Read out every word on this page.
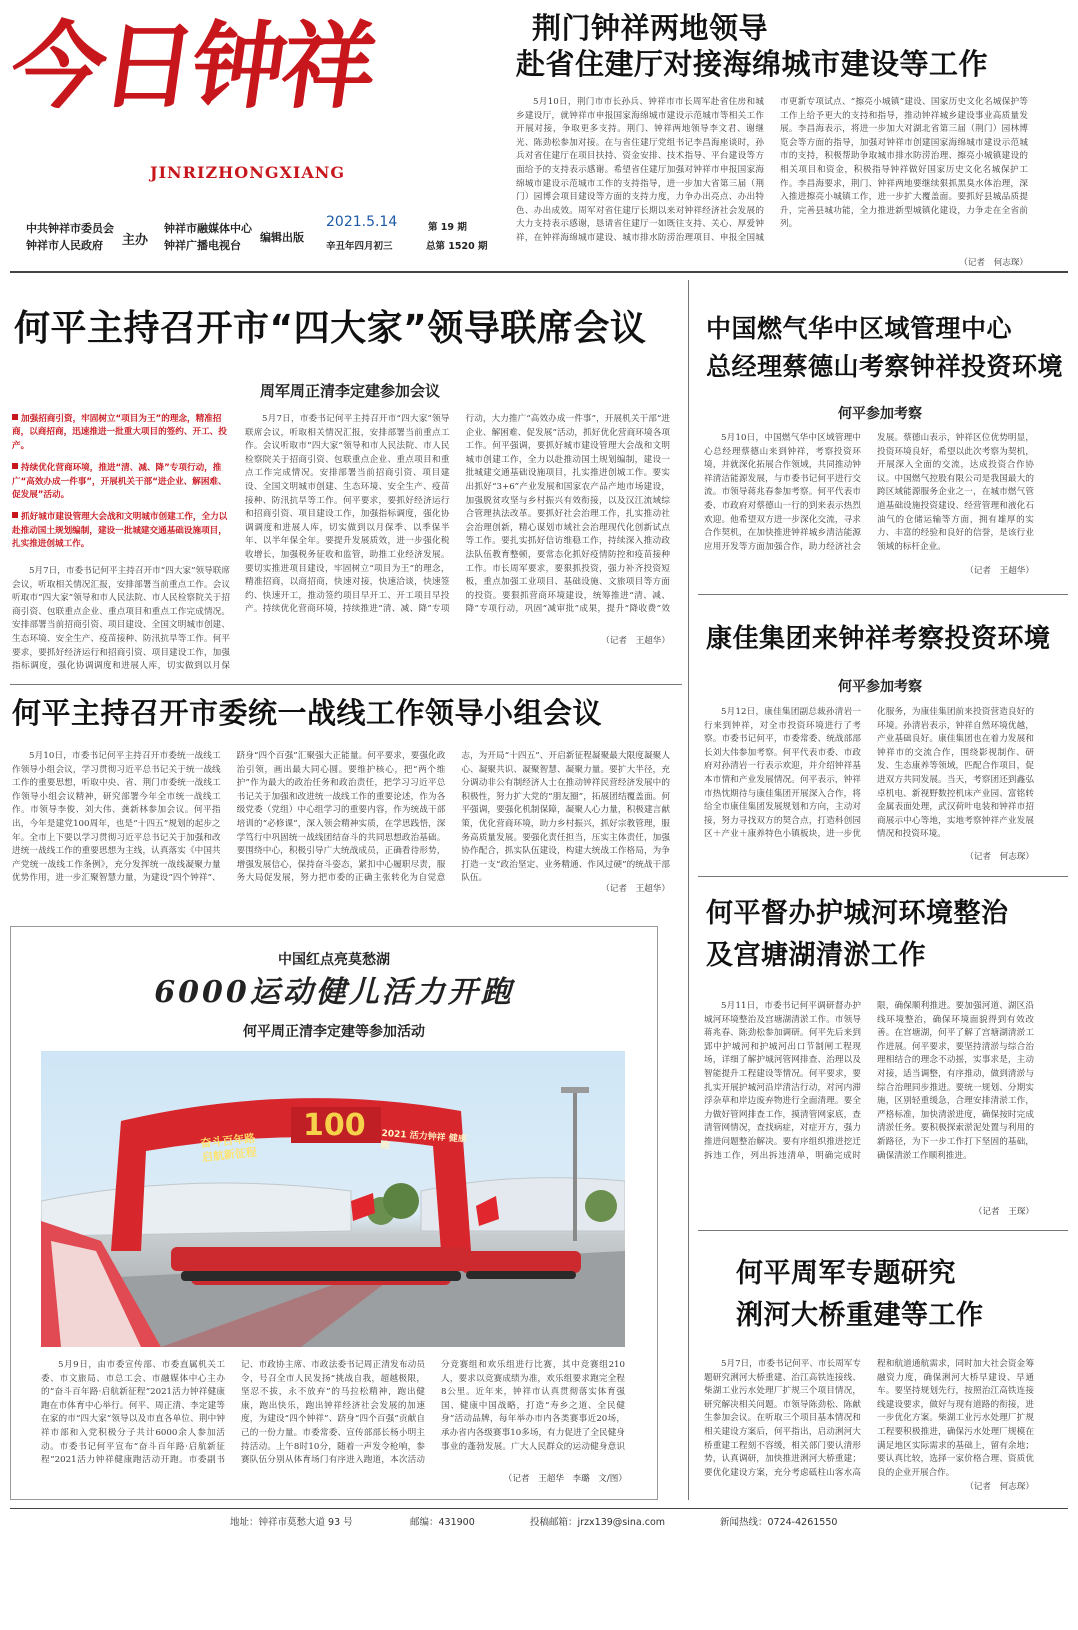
今日钟祥
JINRIZHONGXIANG
中共钟祥市委员会
钟祥市人民政府	主办
钟祥市融媒体中心
钟祥广播电视台
编辑出版
2021.5.14
辛丑年四月初三
第 19 期
总第 1520 期
荆门钟祥两地领导
赴省住建厅对接海绵城市建设等工作
5月10日，荆门市市长孙兵、钟祥市市长周军赴省住房和城乡建设厅，就钟祥市申报国家海绵城市建设示范城市等相关工作开展对接，争取更多支持。荆门、钟祥两地领导李文君、谢继光、陈劲松参加对接。在与省住建厅党组书记李昌海座谈时，孙兵对省住建厅在项目扶持、资金安排、技术指导、平台建设等方面给予的支持表示感谢。希望省住建厅加强对钟祥市申报国家海绵城市建设示范城市工作的支持指导，进一步加大省第三届（荆门）园博会项目建设等方面的支持力度，力争办出亮点、办出特色、办出成效。周军对省住建厅长期以来对钟祥经济社会发展的大力支持表示感谢，恳请省住建厅一如既往支持、关心、厚爱钟祥，在钟祥海绵城市建设、城市排水防涝治理项目、申报全国城市更新专项试点、“擦亮小城镇”建设、国家历史文化名城保护等工作上给予更大的支持和指导，推动钟祥城乡建设事业高质量发展。李昌海表示，将进一步加大对湖北省第三届（荆门）园林博览会等方面的指导，加强对钟祥市创建国家海绵城市建设示范城市的支持，积极帮助争取城市排水防涝治理、擦亮小城镇建设的相关项目和资金，积极指导钟祥做好国家历史文化名城保护工作。李昌海要求，荆门、钟祥两地要继续狠抓黑臭水体治理，深入推进擦亮小城镇工作，进一步扩大覆盖面。要抓好县城品质提升，完善县城功能，全力推进新型城镇化建设，力争走在全省前列。
（记者　何志琛）
何平主持召开市“四大家”领导联席会议
周军周正清李定建参加会议
加强招商引资，牢固树立“项目为王”的理念，精准招商，以商招商，迅速推进一批重大项目的签约、开工、投产。
持续优化营商环境，推进“清、减、降”专项行动，推广“高效办成一件事”，开展机关干部“进企业、解困难、促发展”活动。
抓好城市建设管理大会战和文明城市创建工作，全力以赴推动国土规划编制，建设一批城建交通基础设施项目，扎实推进创城工作。
5月7日，市委书记何平主持召开市“四大家”领导联席会议，听取相关情况汇报，安排部署当前重点工作。会议听取市“四大家”领导和市人民法院、市人民检察院关于招商引资、包联重点企业、重点项目和重点工作完成情况。安排部署当前招商引资、项目建设、全国文明城市创建、生态环境、安全生产、疫苗接种、防汛抗旱等工作。何平要求，要抓好经济运行和招商引资、项目建设工作，加强指标调度，强化协调调度和进展人库，切实做到以月保
5月7日，市委书记何平主持召开市“四大家”领导联席会议，听取相关情况汇报，安排部署当前重点工作。会议听取市“四大家”领导和市人民法院、市人民检察院关于招商引资、包联重点企业、重点项目和重点工作完成情况。安排部署当前招商引资、项目建设、全国文明城市创建、生态环境、安全生产、疫苗接种、防汛抗旱等工作。何平要求，要抓好经济运行和招商引资、项目建设工作，加强指标调度，强化协调调度和进展人库，切实做到以月保季、以季保半年、以半年保全年。要提升发展质效，进一步强化税收增长，加强税务征收和监管，助推工业经济发展。要切实推进项目建设，牢固树立“项目为王”的理念，精准招商，以商招商，快速对接，快速洽谈，快速签约、快速开工，推动签约项目早开工、开工项目早投产。持续优化营商环境，持续推进“清、减、降”专项行动，大力推广“高效办成一件事”，开展机关干部“进企业、解困难、促发展”活动，抓好优化营商环境各项工作。何平强调，要抓好城市建设管理大会战和文明城市创建工作，全力以赴推动国土规划编制，建设一批城建交通基础设施项目，扎实推进创城工作。要实出抓好“3+6”产业发展和国家农产品产地市场建设，加强脱贫攻坚与乡村振兴有效衔接，以及汉江流域综合管理执法改革。要抓好社会治理工作，扎实推动社会治理创新，精心谋划市域社会治理现代化创新试点等工作。要扎实抓好信访维稳工作，持续深入推动政法队伍教育整顿，要常态化抓好疫情防控和疫苗接种工作。市长周军要求，要狠抓投资，强力补齐投资短板，重点加强工业项目、基础设施、文旅项目等方面的投资。要狠抓营商环境建设，统筹推进“清、减、降”专项行动，巩固“减审批”成果，提升“降收费”效
（记者　王超华）
何平主持召开市委统一战线工作领导小组会议
5月10日，市委书记何平主持召开市委统一战线工作领导小组会议，学习贯彻习近平总书记关于统一战线工作的重要思想，听取中央、省、荆门市委统一战线工作领导小组会议精神，研究部署今年全市统一战线工作。市领导李俊、刘大伟、龚新林参加会议。何平指出，今年是建党100周年，也是“十四五”规划的起步之年。全市上下要以学习贯彻习近平总书记关于加强和改进统一战线工作的重要思想为主线，认真落实《中国共产党统一战线工作条例》，充分发挥统一战线凝聚力量优势作用，进一步汇聚智慧力量，为建设“四个钟祥”、跻身“四个百强”汇聚强大正能量。何平要求，要强化政治引领，画出最大同心圆。要维护核心，把“两个维护”作为最大的政治任务和政治责任，把学习习近平总书记关于加强和改进统一战线工作的重要论述，作为各级党委（党组）中心组学习的重要内容，作为统战干部培训的“必修课”，深入领会精神实质，在学思践悟，深学笃行中巩固统一战线团结奋斗的共同思想政治基础。要围绕中心，积极引导广大统战成员，正确看待形势，增强发展信心，保持奋斗姿态，紧扣中心履职尽责，服务大局促发展，努力把市委的正确主张转化为自觉意志，为开局“十四五”、开启新征程凝聚最大限度凝聚人心、凝聚共识、凝聚智慧、凝聚力量。要扩大半径，充分调动非公有制经济人士在推动钟祥民营经济发展中的积极性，努力扩大党的“朋友圈”，拓展团结覆盖面。何平强调，要强化机制保障，凝聚人心力量，积极建言献策，优化营商环境，助力乡村振兴，抓好宗教管理，服务高质量发展。要强化责任担当，压实主体责任，加强协作配合，抓实队伍建设，构建大统战工作格局，为争打造一支“政治坚定、业务精通、作风过硬”的统战干部队伍。
（记者　王超华）
中国红点亮莫愁湖
6000运动健儿活力开跑
何平周正清李定建等参加活动
奋斗百年路
启航新征程
100 2021 活力钟祥 健康跑
5月9日，由市委宣传部、市委直属机关工委、市文旅局、市总工会、市融媒体中心主办的“奋斗百年路·启航新征程”2021活力钟祥健康跑在市体育中心举行。何平、周正清、李定建等在家的市“四大家”领导以及市直各单位、荆中钟祥市部和入党积极分子共计6000余人参加活动。市委书记何平宣布“奋斗百年路·启航新征程”2021活力钟祥健康跑活动开跑。市委副书记、市政协主席、市政法委书记周正清发布动员令，号召全市人民发扬“挑战自我，超越极限，坚忍不拔，永不放弃”的马拉松精神，跑出健康，跑出快乐，跑出钟祥经济社会发展的加速度，为建设“四个钟祥”、跻身“四个百强”贡献自己的一份力量。市委常委、宣传部部长杨小明主持活动。上午8时10分，随着一声发令枪响，参赛队伍分别从体育场门有序进入跑道，本次活动分竞赛组和欢乐组进行比赛，其中竞赛组210人，要求以竞赛成绩为准，欢乐组要求跑完全程8公里。近年来，钟祥市认真贯彻落实体育强国、健康中国战略，打造“寿乡之道、全民健身”活动品牌，每年举办市内各类赛事近20场，承办省内各级赛事10多场，有力促进了全民健身事业的蓬勃发展。广大人民群众的运动健身意识
（记者　王超华　李璐　文/图）
中国燃气华中区域管理中心
总经理蔡德山考察钟祥投资环境
何平参加考察
5月10日，中国燃气华中区域管理中心总经理蔡德山来到钟祥，考察投资环境，并就深化拓展合作领域，共同推动钟祥清洁能源发展，与市委书记何平进行交流。市领导蒋兆春参加考察。何平代表市委、市政府对蔡德山一行的到来表示热烈欢迎。他希望双方进一步深化交流，寻求合作契机，在加快推进钟祥城乡清洁能源应用开发等方面加强合作，助力经济社会发展。蔡德山表示，钟祥区位优势明显，投资环境良好，希望以此次考察为契机，开展深入全面的交流，达成投资合作协议。中国燃气控股有限公司是我国最大的跨区域能源服务企业之一，在城市燃气管道基础设施投资建设、经营管理和液化石油气的仓储运输等方面，拥有雄厚的实力、丰富的经验和良好的信誉，是该行业领域的标杆企业。
（记者　王超华）
康佳集团来钟祥考察投资环境
何平参加考察
5月12日，康佳集团副总裁孙清岩一行来到钟祥，对全市投资环境进行了考察。市委书记何平，市委常委、统战部部长刘大伟参加考察。何平代表市委、市政府对孙清岩一行表示欢迎，并介绍钟祥基本市情和产业发展情况。何平表示，钟祥市热忱期待与康佳集团开展深入合作，将给全市康佳集团发展规划和方向，主动对接，努力寻找双方的契合点，打造科创园区＋产业＋康养特色小镇板块，进一步优化服务，为康佳集团前来投资营造良好的环境。孙清岩表示，钟祥自然环境优越，产业基础良好。康佳集团也在着力发展和钟祥市的交流合作，围绕影视制作、研发、生态康养等领域，匹配合作项目，促进双方共同发展。当天，考察团还到鑫弘卓机电、新视野数控机床产业园、富铭转金属表面处理，武汉荷叶电装和钟祥市招商展示中心等地，实地考察钟祥产业发展情况和投资环境。
（记者　何志琛）
何平督办护城河环境整治
及宫塘湖清淤工作
5月11日，市委书记何平调研督办护城河环境整治及宫塘湖清淤工作。市领导蒋兆春、陈劲松参加调研。何平先后来到郢中护城河和护城河出口节制闸工程现场，详细了解护城河管网排查、治理以及智能提升工程建设等情况。何平要求，要扎实开展护城河沿岸清洁行动，对河内滞浮杂草和岸边废弃物进行全面清理。要全力做好管网排查工作，摸清管网家底，查清管网情况，查找病症，对症开方，强力推进问题整治解决。要有序组织推进挖迁拆违工作，列出拆违清单，明确完成时限，确保顺利推进。要加强河道、湖区沿线环境整治，确保环境面貌得到有效改善。在宫塘湖，何平了解了宫塘湖清淤工作进展。何平要求，要坚持清淤与综合治理相结合的理念不动摇，实事求是，主动对接，适当调整，有序推动，做到清淤与综合治理同步推进。要统一规划、分期实施，区别轻重缓急，合理安排清淤工作，严格标准，加快清淤进度，确保按时完成清淤任务。要积极探索淤泥处置与利用的新路径，为下一步工作打下坚固的基础，确保清淤工作顺利推进。
（记者　王琛）
何平周军专题研究
浰河大桥重建等工作
5月7日，市委书记何平、市长周军专题研究浰河大桥重建、治江高铁连接线、柴湖工业污水处理厂扩规三个项目情况，研究解决相关问题。市领导陈劲松、陈献生参加会议。在听取三个项目基本情况和相关建设方案后，何平指出，启动浰河大桥重建工程刻不容缓，相关部门要认清形势，认真调研，加快推进浰河大桥重建；要优化建设方案，充分考虑砥柱山客水高程和航道通航需求，同时加大社会资金筹融资力度，确保浰河大桥早建设、早通车。要坚持规划先行，按照治江高铁连接线建设要求，做好与现有道路的衔接，进一步优化方案。柴湖工业污水处理厂扩规工程要积极推进，确保污水处理厂规模在满足地区实际需求的基础上，留有余地；要认真比较，选择一家价格合理、资质优良的企业开展合作。
（记者　何志琛）
地址：钟祥市莫愁大道 93 号	邮编：431900	投稿邮箱：jrzx139@sina.com	新闻热线：0724-4261550
